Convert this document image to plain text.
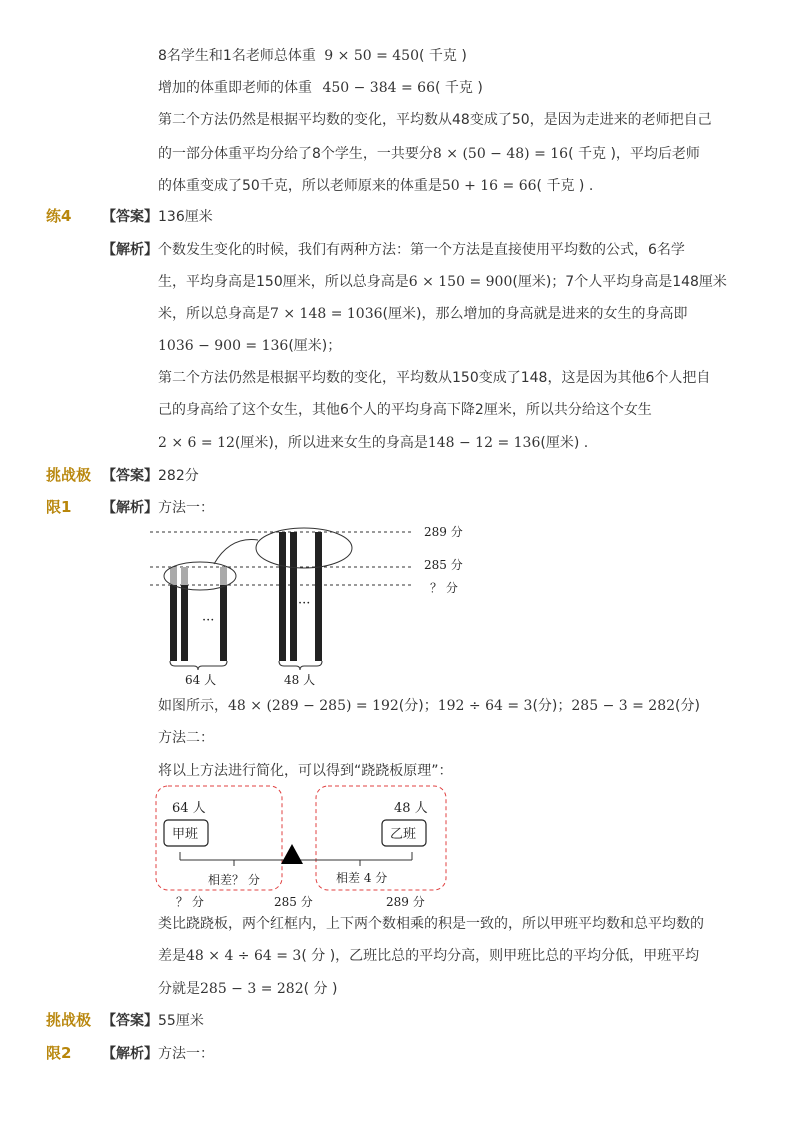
8名学生和1名老师总体重 9 × 50 = 450( 千克 )
增加的体重即老师的体重 450 − 384 = 66( 千克 )
第二个方法仍然是根据平均数的变化，平均数从48变成了50，是因为走进来的老师把自己
的一部分体重平均分给了8个学生，一共要分8 × (50 − 48) = 16( 千克 )，平均后老师
的体重变成了50千克，所以老师原来的体重是50 + 16 = 66( 千克 ) .
练4 【答案】 136厘米
【解析】 个数发生变化的时候，我们有两种方法：第一个方法是直接使用平均数的公式，6名学
生，平均身高是150厘米，所以总身高是6 × 150 = 900(厘米)；7个人平均身高是148厘米
米，所以总身高是7 × 148 = 1036(厘米)，那么增加的身高就是进来的女生的身高即
1036 − 900 = 136(厘米)；
第二个方法仍然是根据平均数的变化，平均数从150变成了148，这是因为其他6个人把自
己的身高给了这个女生，其他6个人的平均身高下降2厘米，所以共分给这个女生
2 × 6 = 12(厘米)，所以进来女生的身高是148 − 12 = 136(厘米) .
挑战极 【答案】 282分
限1 【解析】 方法一：
···
···
64 人	48 人
289 分
285 分
？ 分
如图所示，48 × (289 − 285) = 192(分)；192 ÷ 64 = 3(分)；285 − 3 = 282(分)
方法二：
将以上方法进行简化，可以得到“跷跷板原理”：
64 人	48 人
甲班	乙班
相差？ 分	相差 4 分
？ 分	285 分	289 分
类比跷跷板，两个红框内，上下两个数相乘的积是一致的，所以甲班平均数和总平均数的
差是48 × 4 ÷ 64 = 3( 分 )，乙班比总的平均分高，则甲班比总的平均分低，甲班平均
分就是285 − 3 = 282( 分 )
挑战极 【答案】 55厘米
限2 【解析】 方法一：
